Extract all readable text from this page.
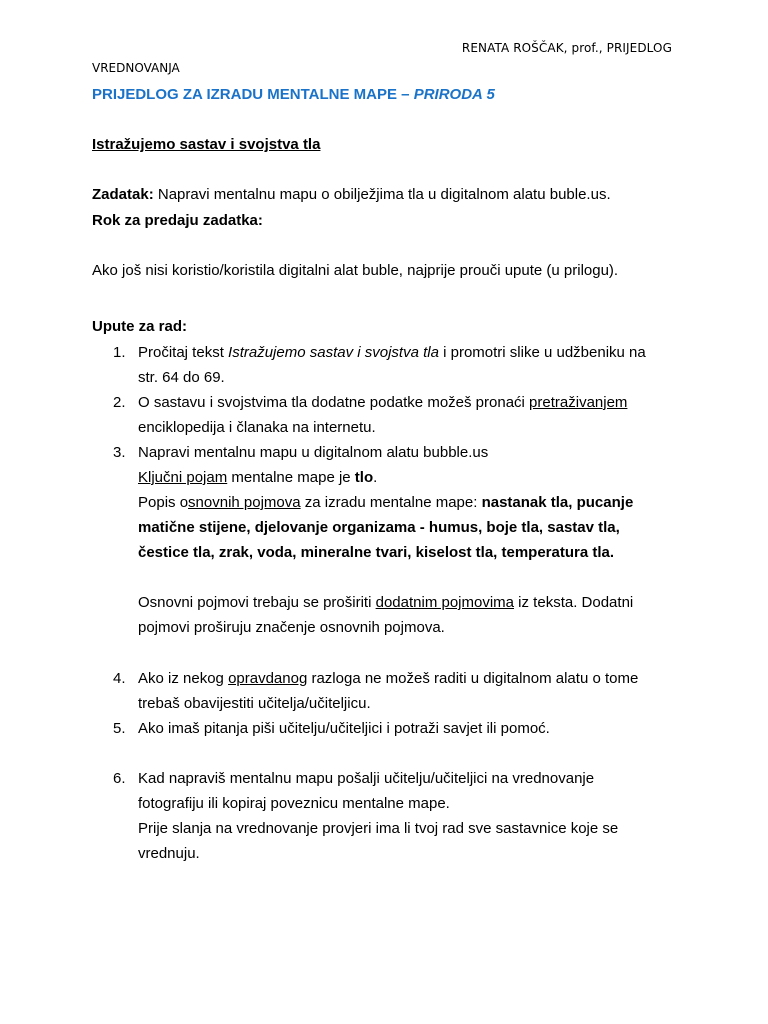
RENATA ROŠČAK, prof., PRIJEDLOG
VREDNOVANJA
PRIJEDLOG ZA IZRADU MENTALNE MAPE – PRIRODA 5
Istražujemo sastav i svojstva tla
Zadatak: Napravi mentalnu mapu o obilježjima tla u digitalnom alatu buble.us.
Rok za predaju zadatka:
Ako još nisi koristio/koristila digitalni alat buble, najprije prouči upute (u prilogu).
Upute za rad:
1. Pročitaj tekst Istražujemo sastav i svojstva tla i promotri slike u udžbeniku na
str. 64 do 69.
2. O sastavu i svojstvima tla dodatne podatke možeš pronaći pretraživanjem
enciklopedija i članaka na internetu.
3. Napravi mentalnu mapu u digitalnom alatu bubble.us
Ključni pojam mentalne mape je tlo.
Popis osnovnih pojmova za izradu mentalne mape: nastanak tla, pucanje
matične stijene, djelovanje organizama - humus, boje tla, sastav tla,
čestice tla, zrak, voda, mineralne tvari, kiselost tla, temperatura tla.
Osnovni pojmovi trebaju se proširiti dodatnim pojmovima iz teksta. Dodatni
pojmovi proširuju značenje osnovnih pojmova.
4. Ako iz nekog opravdanog razloga ne možeš raditi u digitalnom alatu o tome
trebaš obavijestiti učitelja/učiteljicu.
5. Ako imaš pitanja piši učitelju/učiteljici i potraži savjet ili pomoć.
6. Kad napraviš mentalnu mapu pošalji učitelju/učiteljici na vrednovanje
fotografiju ili kopiraj poveznicu mentalne mape.
Prije slanja na vrednovanje provjeri ima li tvoj rad sve sastavnice koje se
vrednuju.
